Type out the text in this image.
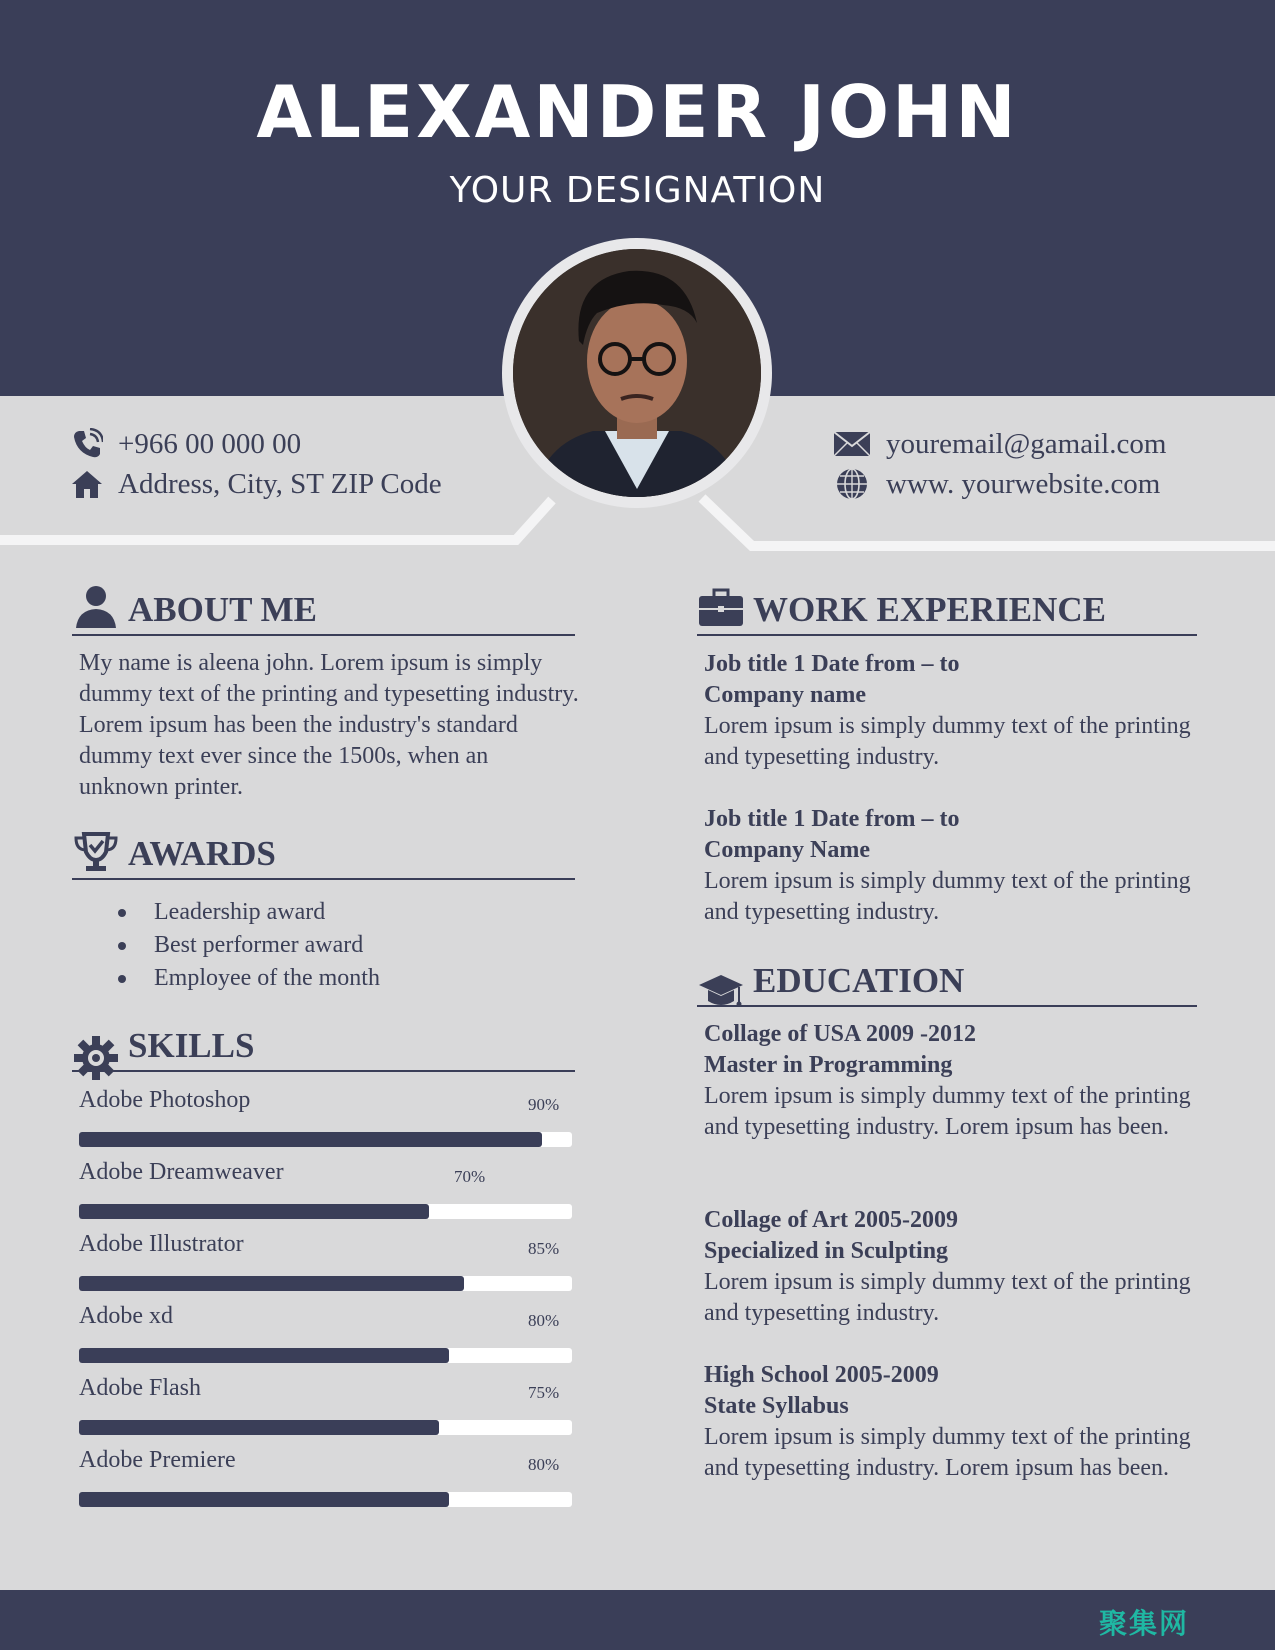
ALEXANDER JOHN
YOUR DESIGNATION
+966 00 000 00
Address, City, ST ZIP Code
youremail@gamail.com
www. yourwebsite.com
ABOUT ME

My name is aleena john. Lorem ipsum is simply dummy text of the printing and typesetting industry. Lorem ipsum has been the industry's standard dummy text ever since the 1500s, when an unknown printer.

AWARDS
Leadership award
Best performer award
Employee of the month
SKILLS
Adobe Photoshop	90%
Adobe Dreamweaver	70%
Adobe Illustrator	85%
Adobe xd	80%
Adobe Flash	75%
Adobe Premiere	80%
WORK EXPERIENCE
Job title 1 Date from – to
Company name
Lorem ipsum is simply dummy text of the printing and typesetting industry.
Job title 1 Date from – to
Company Name
Lorem ipsum is simply dummy text of the printing and typesetting industry.
EDUCATION
Collage of USA 2009 -2012
Master in Programming
Lorem ipsum is simply dummy text of the printing and typesetting industry. Lorem ipsum has been.
Collage of Art 2005-2009
Specialized in Sculpting
Lorem ipsum is simply dummy text of the printing and typesetting industry.
High School 2005-2009
State Syllabus
Lorem ipsum is simply dummy text of the printing and typesetting industry. Lorem ipsum has been.
聚集网
